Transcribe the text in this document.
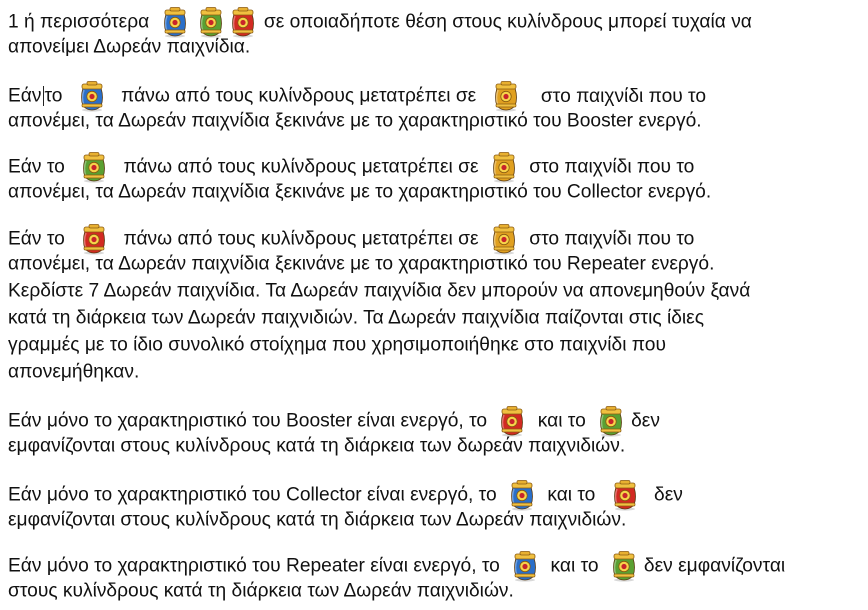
1 ή περισσότερα	σε οποιαδήποτε θέση στους κυλίνδρους μπορεί τυχαία να
απονείμει Δωρεάν παιχνίδια.
Εάν το	πάνω από τους κυλίνδρους μετατρέπει σε	στο παιχνίδι που το
απονέμει, τα Δωρεάν παιχνίδια ξεκινάνε με το χαρακτηριστικό του Booster ενεργό.
Εάν το	πάνω από τους κυλίνδρους μετατρέπει σε	στο παιχνίδι που το
απονέμει, τα Δωρεάν παιχνίδια ξεκινάνε με το χαρακτηριστικό του Collector ενεργό.
Εάν το	πάνω από τους κυλίνδρους μετατρέπει σε	στο παιχνίδι που το
απονέμει, τα Δωρεάν παιχνίδια ξεκινάνε με το χαρακτηριστικό του Repeater ενεργό.
Κερδίστε 7 Δωρεάν παιχνίδια. Τα Δωρεάν παιχνίδια δεν μπορούν να απονεμηθούν ξανά
κατά τη διάρκεια των Δωρεάν παιχνιδιών. Τα Δωρεάν παιχνίδια παίζονται στις ίδιες
γραμμές με το ίδιο συνολικό στοίχημα που χρησιμοποιήθηκε στο παιχνίδι που
απονεμήθηκαν.
Εάν μόνο το χαρακτηριστικό του Booster είναι ενεργό, το	και το δεν
εμφανίζονται στους κυλίνδρους κατά τη διάρκεια των δωρεάν παιχνιδιών.
Εάν μόνο το χαρακτηριστικό του Collector είναι ενεργό, το	και το	δεν
εμφανίζονται στους κυλίνδρους κατά τη διάρκεια των Δωρεάν παιχνιδιών.
Εάν μόνο το χαρακτηριστικό του Repeater είναι ενεργό, το	και το δεν εμφανίζονται
στους κυλίνδρους κατά τη διάρκεια των Δωρεάν παιχνιδιών.
